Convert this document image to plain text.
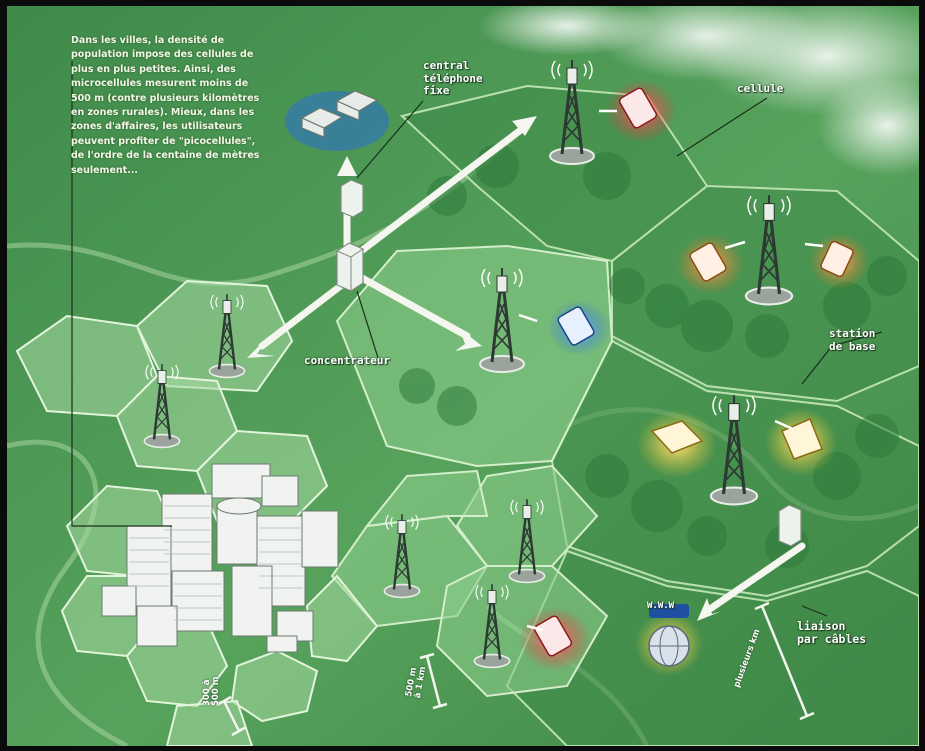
Dans les villes, la densité de population impose des cellules de plus en plus petites. Ainsi, des microcellules mesurent moins de 500 m (contre plusieurs kilomètres en zones rurales). Mieux, dans les zones d'affaires, les utilisateurs peuvent profiter de "picocellules", de l'ordre de la centaine de mètres seulement...
central
téléphone
fixe	cellule
concentrateur
station
de base
liaison
par câbles
W.W.W
300 à
500 m	500 m
à 1 km	plusieurs km
